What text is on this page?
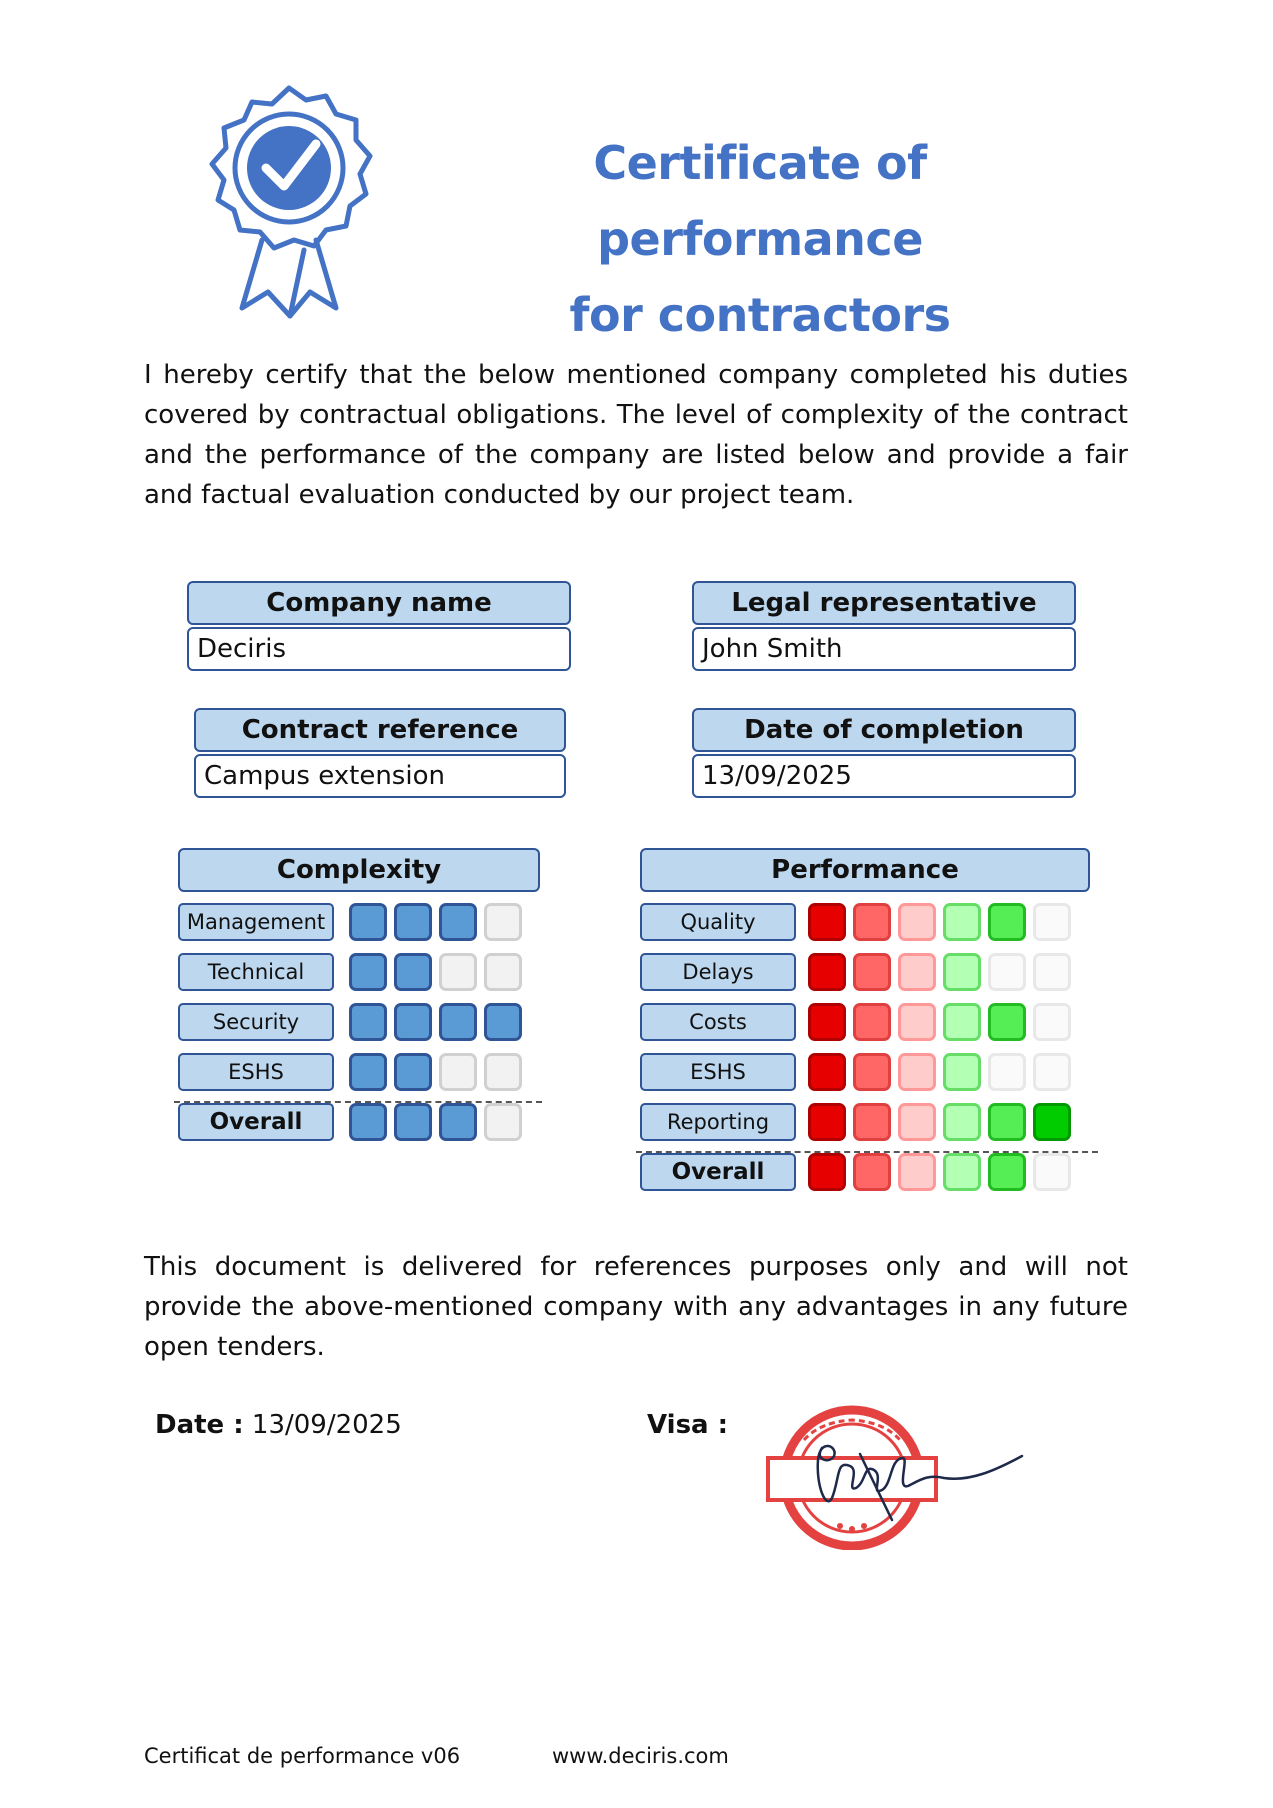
Certificate of performance
for contractors
I hereby certify that the below mentioned company completed his duties covered by contractual obligations. The level of complexity of the contract and the performance of the company are listed below and provide a fair and factual evaluation conducted by our project team.
Company name
Deciris
Legal representative
John Smith
Contract reference
Campus extension
Date of completion
13/09/2025
Complexity
Management
Technical
Security
ESHS
Overall
Performance
Quality
Delays
Costs
ESHS
Reporting
Overall
This document is delivered for references purposes only and will not provide the above-mentioned company with any advantages in any future open tenders.
Date : 13/09/2025	Visa :
Certificat de performance v06	www.deciris.com
